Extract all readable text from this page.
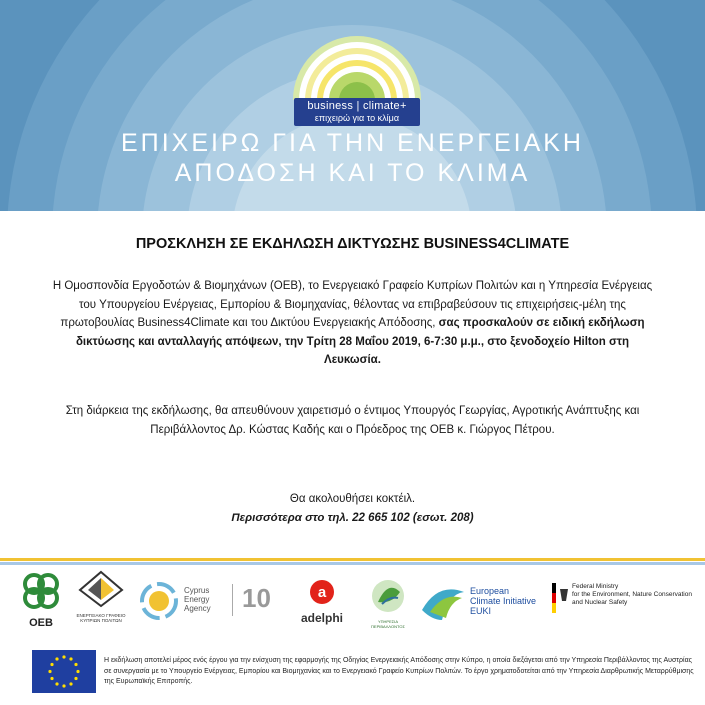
business | climate+
επιχειρώ για το κλίμα
ΕΠΙΧΕΙΡΩ ΓΙΑ ΤΗΝ ΕΝΕΡΓΕΙΑΚΗ
ΑΠΟΔΟΣΗ ΚΑΙ ΤΟ ΚΛΙΜΑ
ΠΡΟΣΚΛΗΣΗ ΣΕ ΕΚΔΗΛΩΣΗ ΔΙΚΤΥΩΣΗΣ BUSINESS4CLIMATE
Η Ομοσπονδία Εργοδοτών & Βιομηχάνων (ΟΕΒ), το Ενεργειακό Γραφείο Κυπρίων Πολιτών και η Υπηρεσία Ενέργειας του Υπουργείου Ενέργειας, Εμπορίου & Βιομηχανίας, θέλοντας να επιβραβεύσουν τις επιχειρήσεις-μέλη της πρωτοβουλίας Business4Climate και του Δικτύου Ενεργειακής Απόδοσης, σας προσκαλούν σε ειδική εκδήλωση δικτύωσης και ανταλλαγής απόψεων, την Τρίτη 28 Μαΐου 2019, 6-7:30 μ.μ., στο ξενοδοχείο Hilton στη Λευκωσία.
Στη διάρκεια της εκδήλωσης, θα απευθύνουν χαιρετισμό ο έντιμος Υπουργός Γεωργίας, Αγροτικής Ανάπτυξης και Περιβάλλοντος Δρ. Κώστας Καδής και ο Πρόεδρος της ΟΕΒ κ. Γιώργος Πέτρου.
Θα ακολουθήσει κοκτέιλ.
Περισσότερα στο τηλ. 22 665 102 (εσωτ. 208)
ΟΕΒ
ΕΝΕΡΓΕΙΑΚΟ ΓΡΑΦΕΙΟ ΚΥΠΡΙΩΝ ΠΟΛΙΤΩΝ
Cyprus
Energy
Agency 10	a
adelphi	ΥΠΗΡΕΣΙΑ ΠΕΡΙΒΑΛΛΟΝΤΟΣ
European
Climate Initiative
EUKI
Federal Ministry
for the Environment, Nature Conservation
and Nuclear Safety
Η εκδήλωση αποτελεί μέρος ενός έργου για την ενίσχυση της εφαρμογής της Οδηγίας Ενεργειακής Απόδοσης στην Κύπρο, η οποία διεξάγεται από την Υπηρεσία Περιβάλλοντος της Αυστρίας σε συνεργασία με το Υπουργείο Ενέργειας, Εμπορίου και Βιομηχανίας και το Ενεργειακό Γραφείο Κυπρίων Πολιτών. Το έργο χρηματοδοτείται από την Υπηρεσία Διαρθρωτικής Μεταρρύθμισης της Ευρωπαϊκής Επιτροπής.
